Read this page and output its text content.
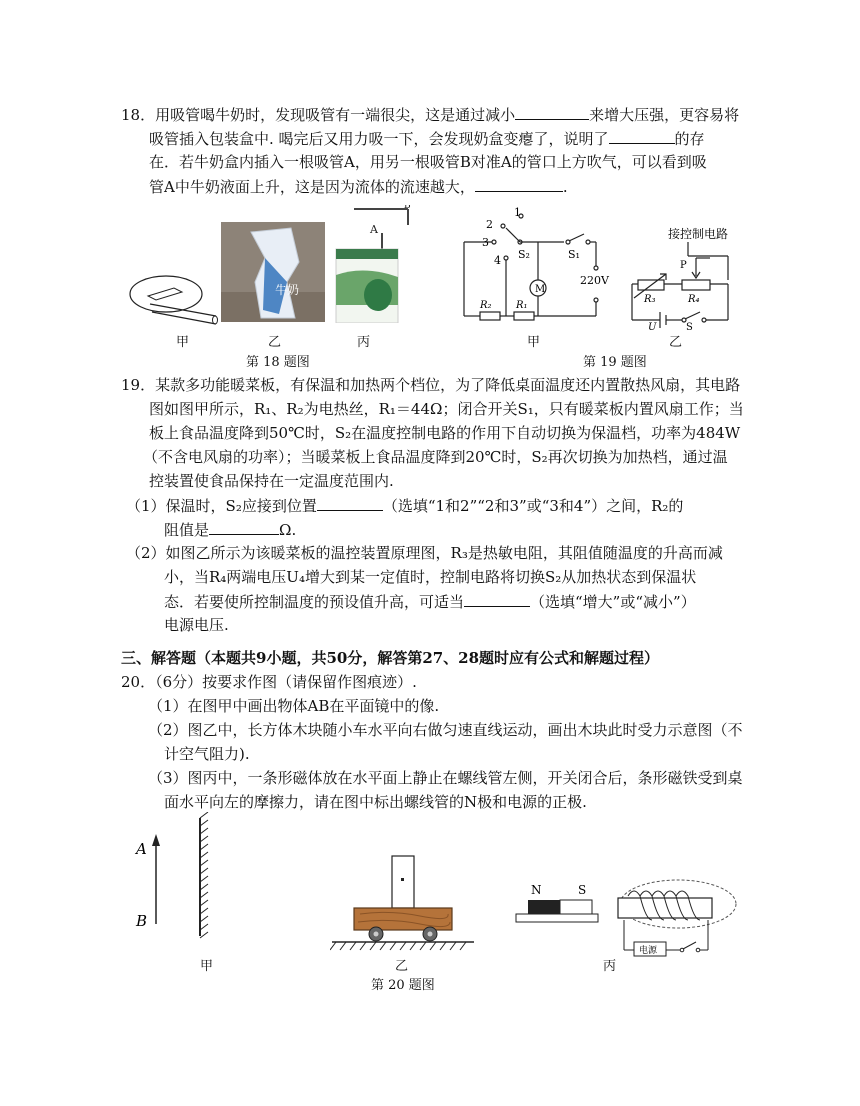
18．用吸管喝牛奶时，发现吸管有一端很尖，这是通过减小	来增大压强，更容易将
吸管插入包装盒中. 喝完后又用力吸一下，会发现奶盒变瘪了，说明了	的存
在．若牛奶盒内插入一根吸管A，用另一根吸管B对准A的管口上方吹气，可以看到吸
管A中牛奶液面上升，这是因为流体的流速越大，	.
甲
牛奶
乙
B
A
丙
第 18 题图
M
1
2
3
4 S₂	S₁
220V
R₂ R₁
甲
接控制电路
P
R₃	R₄
U	S
乙
第 19 题图
19．某款多功能暖菜板，有保温和加热两个档位，为了降低桌面温度还内置散热风扇，其电路
图如图甲所示，R₁、R₂为电热丝，R₁＝44Ω；闭合开关S₁，只有暖菜板内置风扇工作；当
板上食品温度降到50℃时，S₂在温度控制电路的作用下自动切换为保温档，功率为484W
（不含电风扇的功率）；当暖菜板上食品温度降到20℃时，S₂再次切换为加热档，通过温
控装置使食品保持在一定温度范围内.
（1）保温时，S₂应接到位置	（选填“1和2”“2和3”或“3和4”）之间，R₂的
阻值是	Ω.
（2）如图乙所示为该暖菜板的温控装置原理图，R₃是热敏电阻，其阻值随温度的升高而减
小，当R₄两端电压U₄增大到某一定值时，控制电路将切换S₂从加热状态到保温状
态．若要使所控制温度的预设值升高，可适当	（选填“增大”或“减小”）
电源电压.
三、解答题（本题共9小题，共50分，解答第27、28题时应有公式和解题过程）
20．（6分）按要求作图（请保留作图痕迹）.
（1）在图甲中画出物体AB在平面镜中的像.
（2）图乙中，长方体木块随小车水平向右做匀速直线运动，画出木块此时受力示意图（不
计空气阻力).
（3）图丙中，一条形磁体放在水平面上静止在螺线管左侧，开关闭合后，条形磁铁受到桌
面水平向左的摩擦力，请在图中标出螺线管的N极和电源的正极.
A
B
甲	乙
第 20 题图
N	S
电源
丙
